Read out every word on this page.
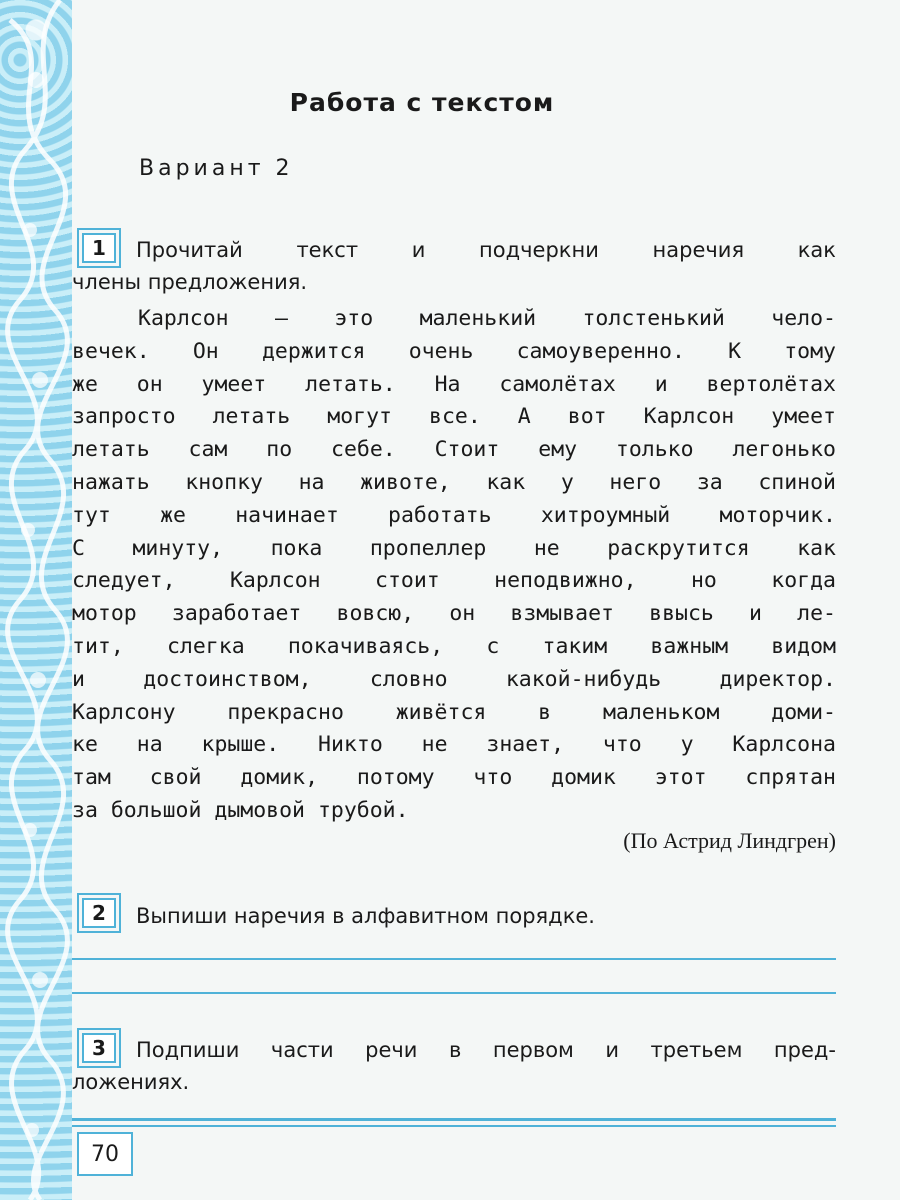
Работа с текстом
Вариант 2
1	Прочитай текст и подчеркни наречия как
члены предложения.
Карлсон — это маленький толстенький чело-
вечек. Он держится очень самоуверенно. К тому
же он умеет летать. На самолётах и вертолётах
запросто летать могут все. А вот Карлсон умеет
летать сам по себе. Стоит ему только легонько
нажать кнопку на животе, как у него за спиной
тут же начинает работать хитроумный моторчик.
С минуту, пока пропеллер не раскрутится как
следует, Карлсон стоит неподвижно, но когда
мотор заработает вовсю, он взмывает ввысь и ле-
тит, слегка покачиваясь, с таким важным видом
и достоинством, словно какой-нибудь директор.
Карлсону прекрасно живётся в маленьком доми-
ке на крыше. Никто не знает, что у Карлсона
там свой домик, потому что домик этот спрятан
за большой дымовой трубой.
(По Астрид Линдгрен)
2	Выпиши наречия в алфавитном порядке.
3	Подпиши части речи в первом и третьем пред-
ложениях.
70
